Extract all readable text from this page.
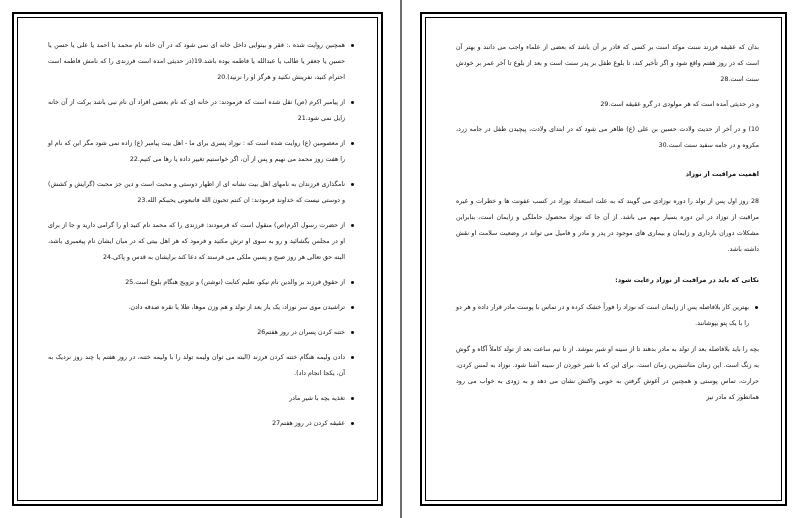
همچنین روایت شده ،: فقر و بینوایی داخل خانه ای نمی شود که در آن خانه نام محمد یا احمد یا علی یا حسن یا حسین یا جعفر یا طالب یا عبدالله یا فاطمه بوده باشد.19(در حدیثی امده است فرزندی را که نامش فاطمه است احترام کنید، نفرینش نکنید و هرگز او را نزنید).20
از پیامبر اکرم (ص) نقل شده است که فرمودند: در خانه ای که نام بعضی افراد آن نام نبی باشد برکت از آن خانه زایل نمی شود.21
از معصومین (ع) روایت شده است که : نوزاد پسری برای ما - اهل بیت پیامبر (ع) زاده نمی شود مگر این که نام او را هفت روز محمد می نهیم و پس از آن، اگر خواستیم تغییر داده یا رها می کنیم.22
نامگذاری فرزندان به نامهای اهل بیت نشانه ای از اظهار دوستی و محبت است و دین جز محبت (گرایش و کشش) و دوستی نیست که خداوند فرمودند: ان کنتم تحبون الله فاتبعونی یحببکم الله.23
از حضرت رسول اکرم(ص) منقول است که فرمودند: فرزندی را که محمد نام کنید او را گرامی دارید و جا از برای او در مجلس بگشائید و رو به سوی او ترش مکنید و فرمود که هر اهل بیتی که در میان ایشان نام پیغمبری باشد، البته حق تعالی هر روز صبح و پسین ملکی می فرستد که دعا کند برایشان به قدس و پاکی.24
از حقوق فرزند بر والدین نام نیکو، تعلیم کتابت (نوشتن) و تزویج هنگام بلوغ است.25
تراشیدن موی سر نوزاد، یک بار بعد از تولد و هم وزن موها، طلا یا نقره صدقه دادن.
ختنه کردن پسران در روز هفتم26
دادن ولیمه هنگام ختنه کردن فرزند (البته می توان ولیمه تولد را با ولیمه ختنه، در روز هفتم یا چند روز نزدیک به آن، یکجا انجام داد).
تغذیه بچه با شیر مادر
عقیقه کردن در روز هفتم27

بدان که عقیقه فرزند سنت موکد است بر کسی که قادر بر آن باشد که بعضی از علماء واجب می دانند و بهتر آن است که در روز هفتم واقع شود و اگر تأخیر کند، تا بلوغ طفل بر پدر سنت است و بعد از بلوغ تا آخر عمر بر خودش سنت است.28

و در حدیثی آمده است که هر مولودی در گرو عقیقه است.29

10) و در آخر از حدیث ولادت حسین بن علی (ع) ظاهر می شود که در ابتدای ولادت، پیچیدن طفل در جامه زرد، مکروه و در جامه سفید سنت است.30

اهمیت مراقبت از نوزاد

28 روز اول پس از تولد را دوره نوزادی می گویند که به علت استعداد نوزاد در کسب عفونت ها و خطرات و غیره مراقبت از نوزاد در این دوره بسیار مهم می باشد. از آن جا که نوزاد محصول حاملگی و زایمان است، بنابراین مشکلات دوران بارداری و زایمان و بیماری های موجود در پدر و مادر و فامیل می تواند در وضعیت سلامت او نقش داشته باشد.

نکاتی که باید در مراقبت از نوزاد رعایت شود:
بهترین کار بلافاصله پس از زایمان است که نوزاد را فوراً خشک کرده و در تماس با پوست مادر قرار داده و هر دو را با یک پتو بپوشانند.

بچه را باید بلافاصله بعد از تولد به مادر بدهند تا از سینه او شیر بنوشد. از تا نیم ساعت بعد از تولد کاملاً آگاه و گوش به زنگ است. این زمان مناسبترین زمان است. برای این که با شیر خوردن از سینه آشنا شود. نوزاد به لمس کردن، حرارت، تماس پوستی و همچنین در آغوش گرفتن به خوبی واکنش نشان می دهد و به زودی به خواب می رود همانطور که مادر نیز
